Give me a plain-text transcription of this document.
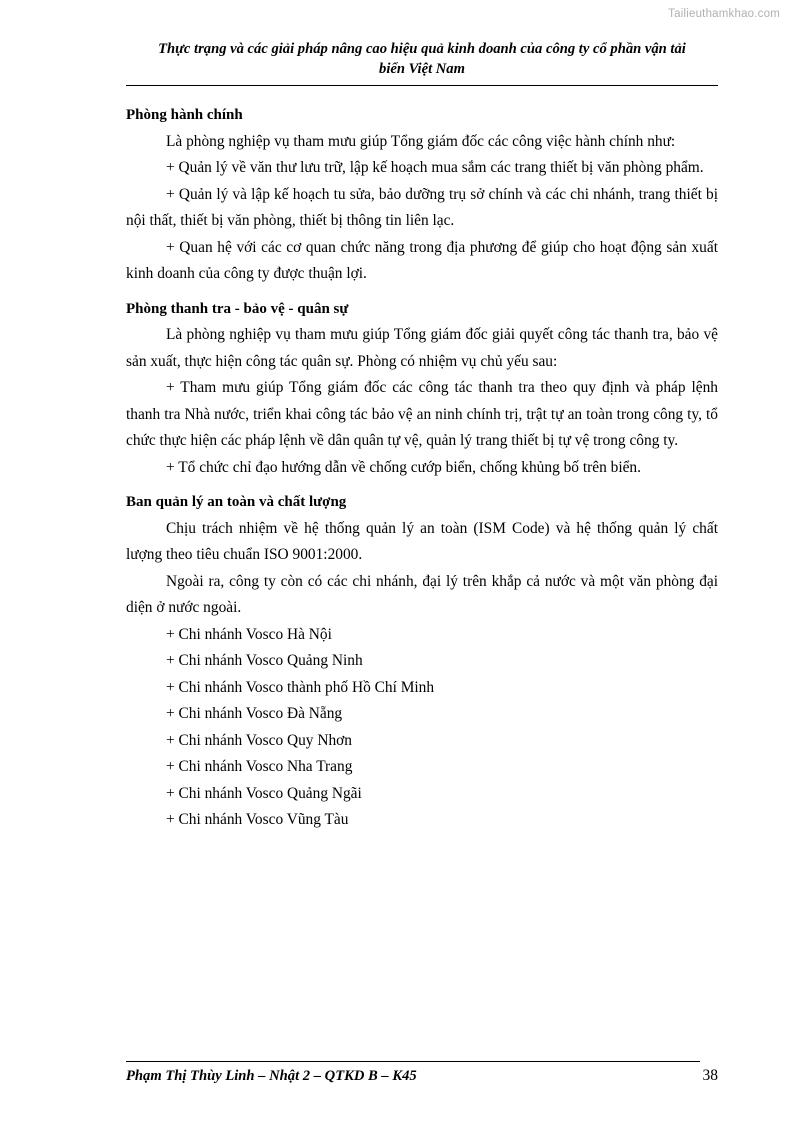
Tailieuthamkhao.com
Thực trạng và các giải pháp nâng cao hiệu quả kinh doanh của công ty cổ phần vận tải
biển Việt Nam
Phòng hành chính

Là phòng nghiệp vụ tham mưu giúp Tổng giám đốc các công việc hành chính như:

+ Quản lý về văn thư lưu trữ, lập kế hoạch mua sắm các trang thiết bị văn phòng phẩm.

+ Quản lý và lập kế hoạch tu sửa, bảo dưỡng trụ sở chính và các chi nhánh, trang thiết bị nội thất, thiết bị văn phòng, thiết bị thông tin liên lạc.

+ Quan hệ với các cơ quan chức năng trong địa phương để giúp cho hoạt động sản xuất kinh doanh của công ty được thuận lợi.

Phòng thanh tra - bảo vệ - quân sự

Là phòng nghiệp vụ tham mưu giúp Tổng giám đốc giải quyết công tác thanh tra, bảo vệ sản xuất, thực hiện công tác quân sự. Phòng có nhiệm vụ chủ yếu sau:

+ Tham mưu giúp Tổng giám đốc các công tác thanh tra theo quy định và pháp lệnh thanh tra Nhà nước, triển khai công tác bảo vệ an ninh chính trị, trật tự an toàn trong công ty, tổ chức thực hiện các pháp lệnh về dân quân tự vệ, quản lý trang thiết bị tự vệ trong công ty.

+ Tổ chức chỉ đạo hướng dẫn về chống cướp biển, chống khủng bố trên biển.

Ban quản lý an toàn và chất lượng

Chịu trách nhiệm về hệ thống quản lý an toàn (ISM Code) và hệ thống quản lý chất lượng theo tiêu chuẩn ISO 9001:2000.

Ngoài ra, công ty còn có các chi nhánh, đại lý trên khắp cả nước và một văn phòng đại diện ở nước ngoài.

+ Chi nhánh Vosco Hà Nội

+ Chi nhánh Vosco Quảng Ninh

+ Chi nhánh Vosco thành phố Hồ Chí Minh

+ Chi nhánh Vosco Đà Nẵng

+ Chi nhánh Vosco Quy Nhơn

+ Chi nhánh Vosco Nha Trang

+ Chi nhánh Vosco Quảng Ngãi

+ Chi nhánh Vosco Vũng Tàu

Phạm Thị Thùy Linh – Nhật 2 – QTKD B – K45	38
